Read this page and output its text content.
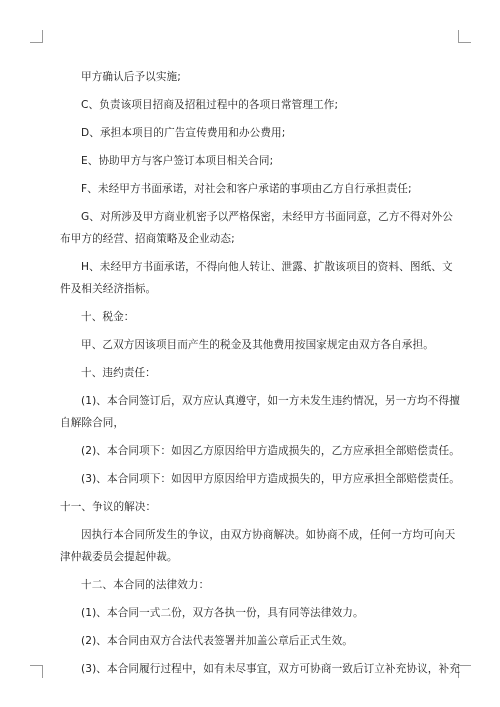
甲方确认后予以实施;

C、负责该项目招商及招租过程中的各项日常管理工作;

D、承担本项目的广告宣传费用和办公费用;

E、协助甲方与客户签订本项目相关合同;

F、未经甲方书面承诺，对社会和客户承诺的事项由乙方自行承担责任;

G、对所涉及甲方商业机密予以严格保密，未经甲方书面同意，乙方不得对外公

布甲方的经营、招商策略及企业动态;

H、未经甲方书面承诺，不得向他人转让、泄露、扩散该项目的资料、图纸、文

件及相关经济指标。

十、税金：

甲、乙双方因该项目而产生的税金及其他费用按国家规定由双方各自承担。

十、违约责任：

(1)、本合同签订后，双方应认真遵守，如一方未发生违约情况，另一方均不得擅

自解除合同，

(2)、本合同项下：如因乙方原因给甲方造成损失的，乙方应承担全部赔偿责任。

(3)、本合同项下：如因甲方原因给甲方造成损失的，甲方应承担全部赔偿责任。

十一、争议的解决：

因执行本合同所发生的争议，由双方协商解决。如协商不成，任何一方均可向天

津仲裁委员会提起仲裁。

十二、本合同的法律效力：

(1)、本合同一式二份，双方各执一份，具有同等法律效力。

(2)、本合同由双方合法代表签署并加盖公章后正式生效。

(3)、本合同履行过程中，如有未尽事宜，双方可协商一致后订立补充协议，补充
